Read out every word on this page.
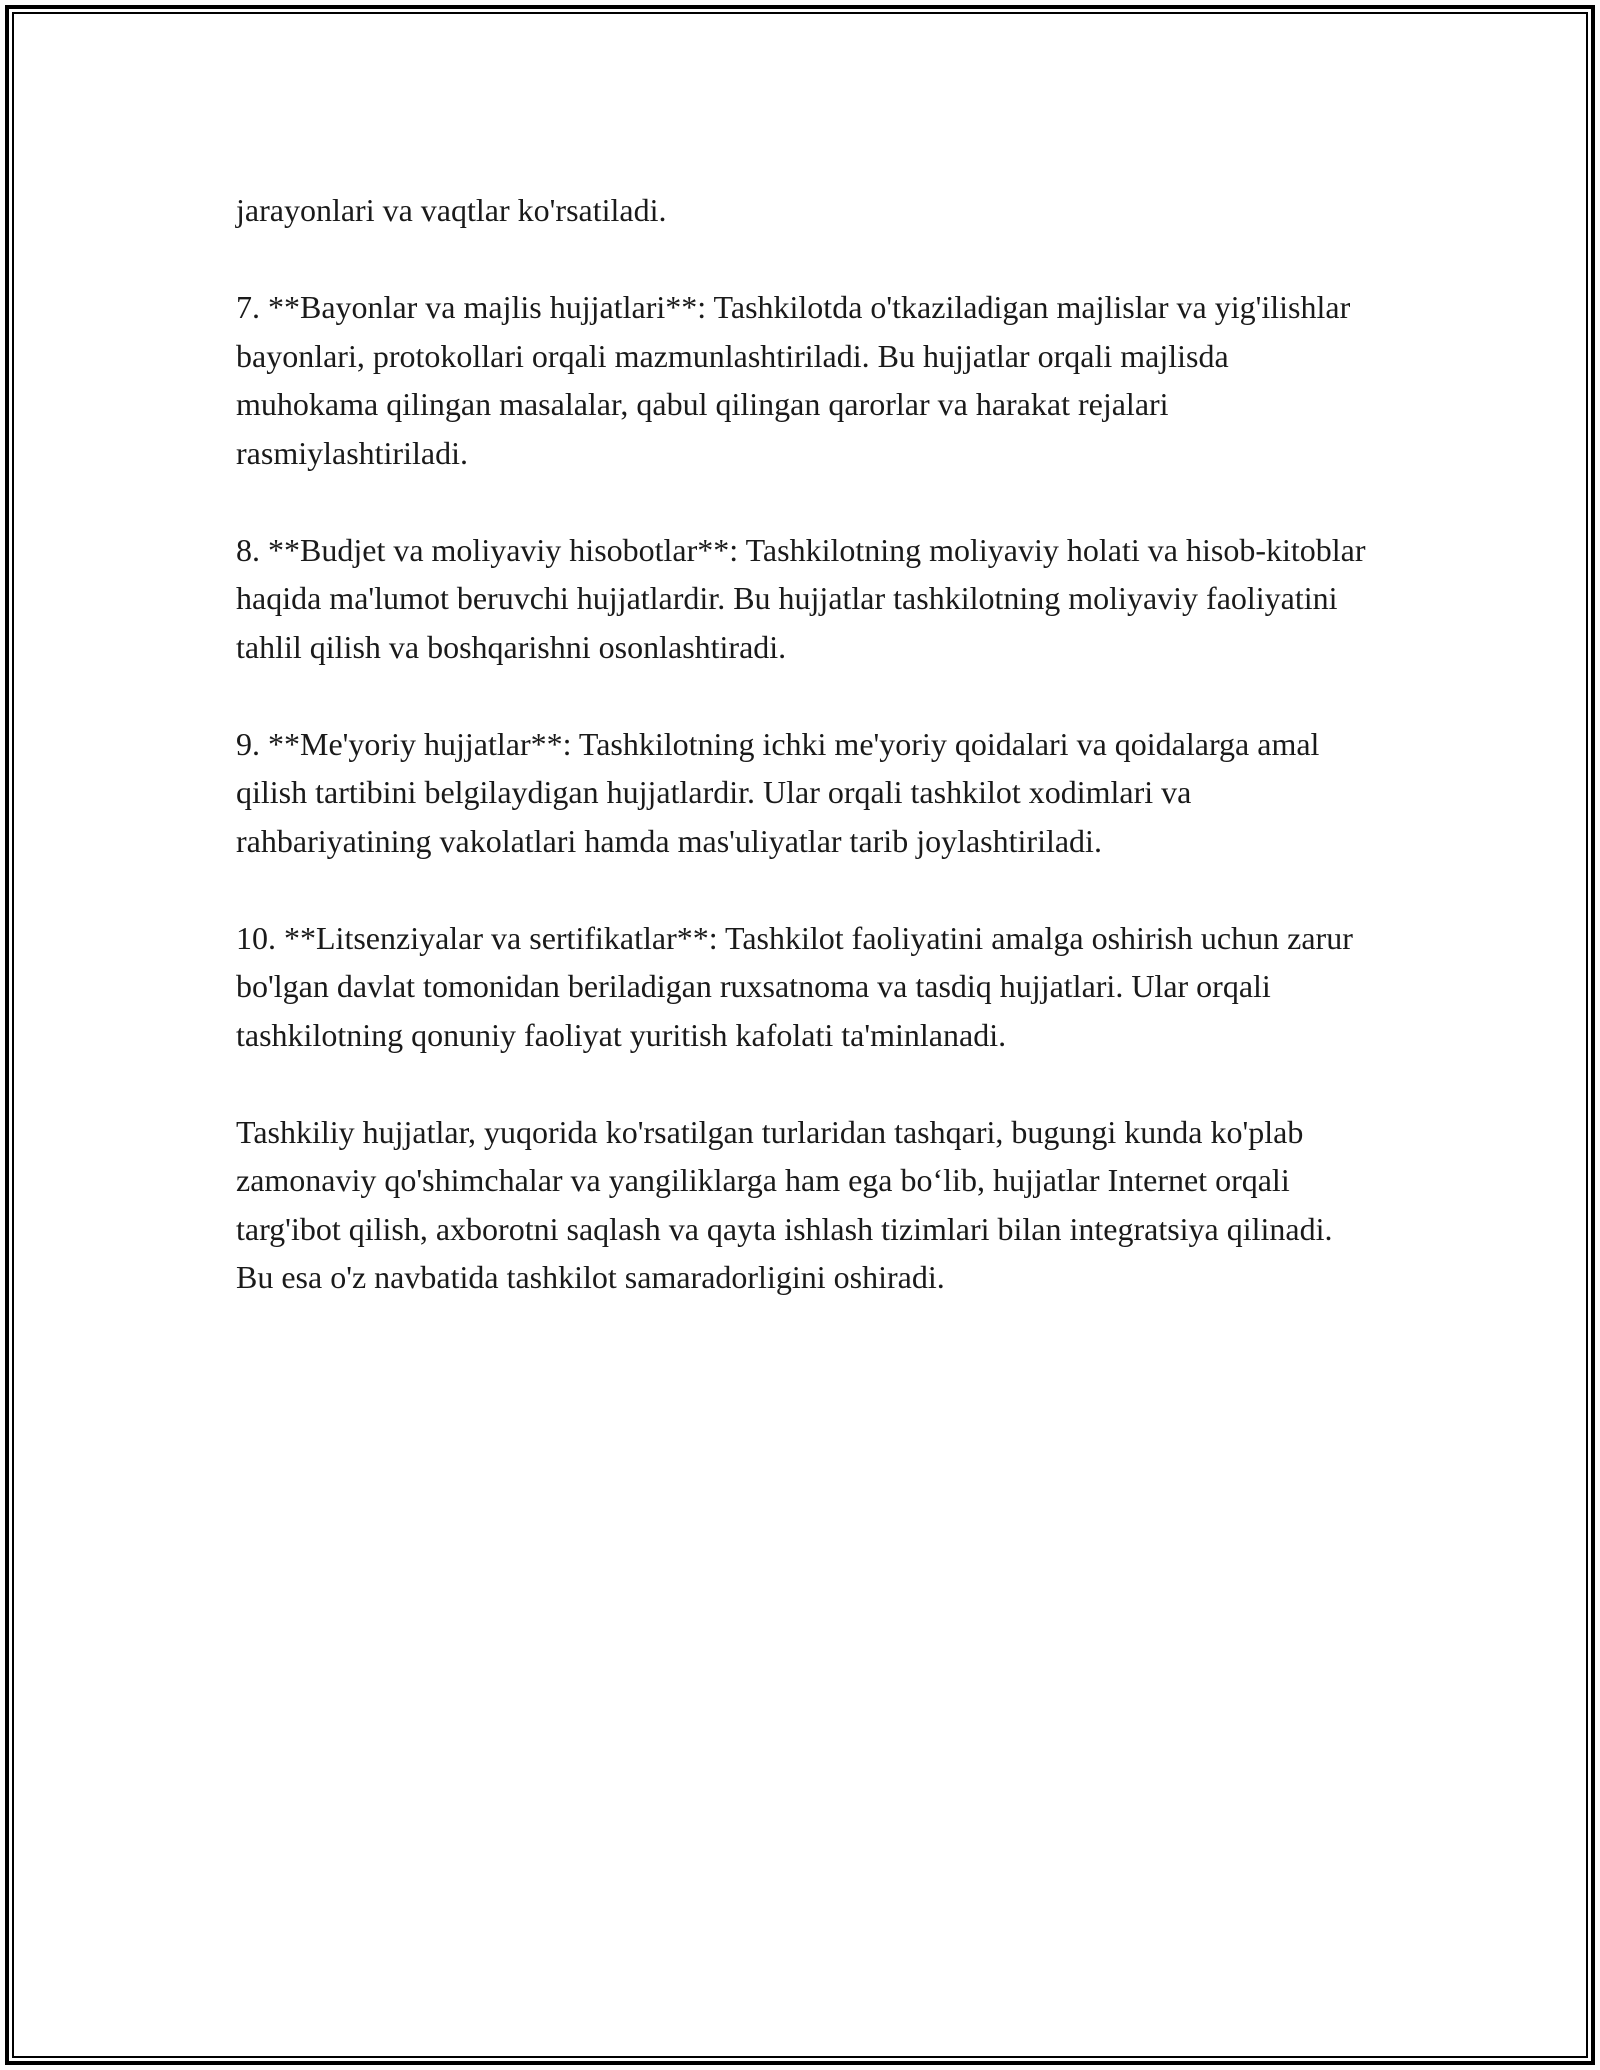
jarayonlari va vaqtlar ko'rsatiladi.

7. **Bayonlar va majlis hujjatlari**: Tashkilotda o'tkaziladigan majlislar va yig'ilishlar bayonlari, protokollari orqali mazmunlashtiriladi. Bu hujjatlar orqali majlisda muhokama qilingan masalalar, qabul qilingan qarorlar va harakat rejalari rasmiylashtiriladi.

8. **Budjet va moliyaviy hisobotlar**: Tashkilotning moliyaviy holati va hisob-kitoblar haqida ma'lumot beruvchi hujjatlardir. Bu hujjatlar tashkilotning moliyaviy faoliyatini tahlil qilish va boshqarishni osonlashtiradi.

9. **Me'yoriy hujjatlar**: Tashkilotning ichki me'yoriy qoidalari va qoidalarga amal qilish tartibini belgilaydigan hujjatlardir. Ular orqali tashkilot xodimlari va rahbariyatining vakolatlari hamda mas'uliyatlar tarib joylashtiriladi.

10. **Litsenziyalar va sertifikatlar**: Tashkilot faoliyatini amalga oshirish uchun zarur bo'lgan davlat tomonidan beriladigan ruxsatnoma va tasdiq hujjatlari. Ular orqali tashkilotning qonuniy faoliyat yuritish kafolati ta'minlanadi.

Tashkiliy hujjatlar, yuqorida ko'rsatilgan turlaridan tashqari, bugungi kunda ko'plab zamonaviy qo'shimchalar va yangiliklarga ham ega bo‘lib, hujjatlar Internet orqali targ'ibot qilish, axborotni saqlash va qayta ishlash tizimlari bilan integratsiya qilinadi. Bu esa o'z navbatida tashkilot samaradorligini oshiradi.
